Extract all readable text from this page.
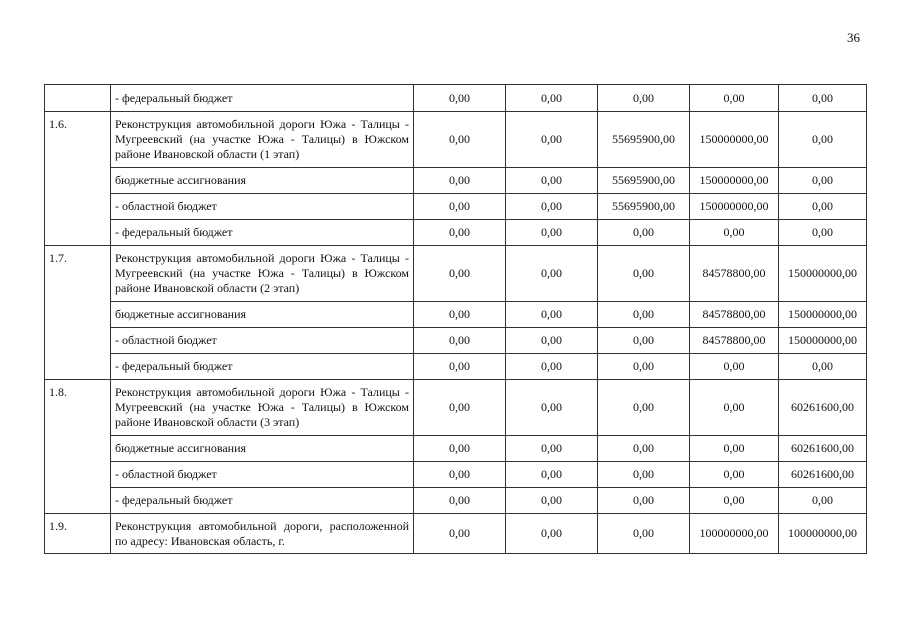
36
	- федеральный бюджет	0,00	0,00	0,00	0,00	0,00
1.6.	Реконструкция автомобильной дороги Южа - Талицы - Мугреевский (на участке Южа - Талицы) в Южском районе Ивановской области (1 этап)	0,00	0,00	55695900,00	150000000,00	0,00
	бюджетные ассигнования	0,00	0,00	55695900,00	150000000,00	0,00
	- областной бюджет	0,00	0,00	55695900,00	150000000,00	0,00
	- федеральный бюджет	0,00	0,00	0,00	0,00	0,00
1.7.	Реконструкция автомобильной дороги Южа - Талицы - Мугреевский (на участке Южа - Талицы) в Южском районе Ивановской области (2 этап)	0,00	0,00	0,00	84578800,00	150000000,00
	бюджетные ассигнования	0,00	0,00	0,00	84578800,00	150000000,00
	- областной бюджет	0,00	0,00	0,00	84578800,00	150000000,00
	- федеральный бюджет	0,00	0,00	0,00	0,00	0,00
1.8.	Реконструкция автомобильной дороги Южа - Талицы - Мугреевский (на участке Южа - Талицы) в Южском районе Ивановской области (3 этап)	0,00	0,00	0,00	0,00	60261600,00
	бюджетные ассигнования	0,00	0,00	0,00	0,00	60261600,00
	- областной бюджет	0,00	0,00	0,00	0,00	60261600,00
	- федеральный бюджет	0,00	0,00	0,00	0,00	0,00
1.9.	Реконструкция автомобильной дороги, расположенной по адресу: Ивановская область, г.	0,00	0,00	0,00	100000000,00	100000000,00
